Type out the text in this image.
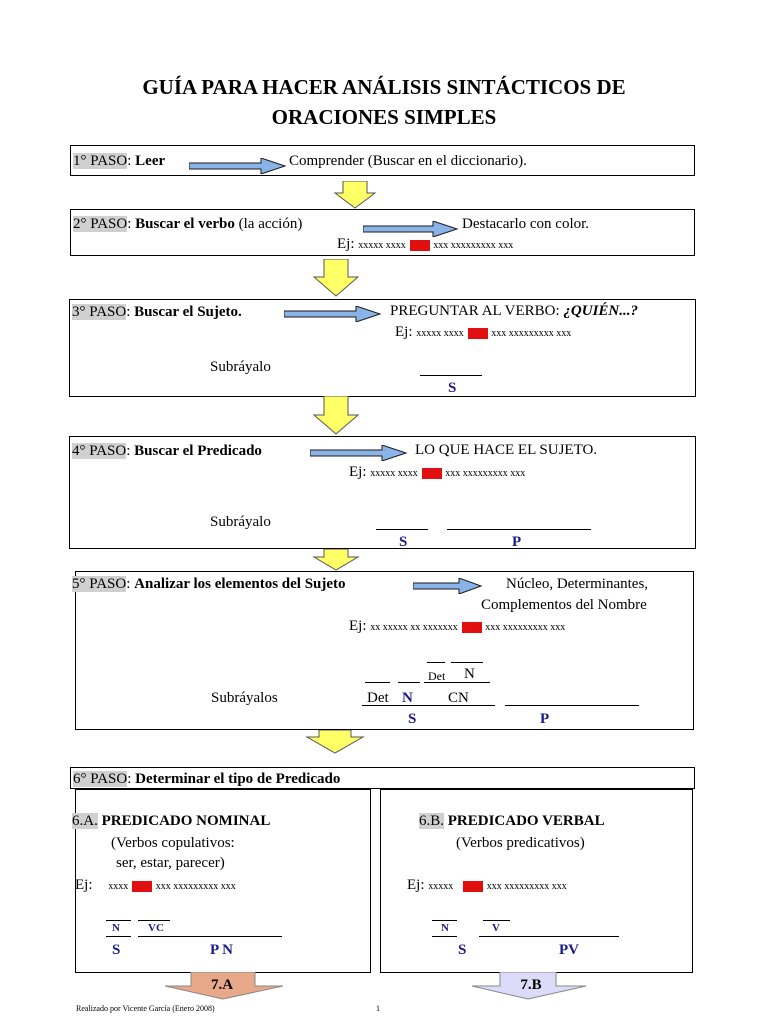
GUÍA PARA HACER ANÁLISIS SINTÁCTICOS DE
ORACIONES SIMPLES
1° PASO: Leer	Comprender (Buscar en el diccionario).
2° PASO: Buscar el verbo (la acción)	Destacarlo con color.
Ej: xxxxx xxxx xxxx xxx xxxxxxxxx xxx
3° PASO: Buscar el Sujeto.	PREGUNTAR AL VERBO: ¿QUIÉN...?
Ej: xxxxx xxxx xxxx xxx xxxxxxxxx xxx
Subráyalo
S
4° PASO: Buscar el Predicado	LO QUE HACE EL SUJETO.
Ej: xxxxx xxxx xxxx xxx xxxxxxxxx xxx
Subráyalo
S	P
5° PASO: Analizar los elementos del Sujeto	Núcleo, Determinantes,
Complementos del Nombre
Ej: xx xxxxx xx xxxxxxx xxxx xxx xxxxxxxxx xxx
Det N
Subráyalos	Det N CN
S	P
6° PASO: Determinar el tipo de Predicado
6.A. PREDICADO NOMINAL
(Verbos copulativos:
ser, estar, parecer)
Ej: xxxx xxxx xxx xxxxxxxxx xxx
N	VC
S	P N
6.B. PREDICADO VERBAL
(Verbos predicativos)
Ej: xxxxx xxxx xxx xxxxxxxxx xxx
N	V
S	PV
7.A	7.B
Realizado por Vicente García (Enero 2008)	1
